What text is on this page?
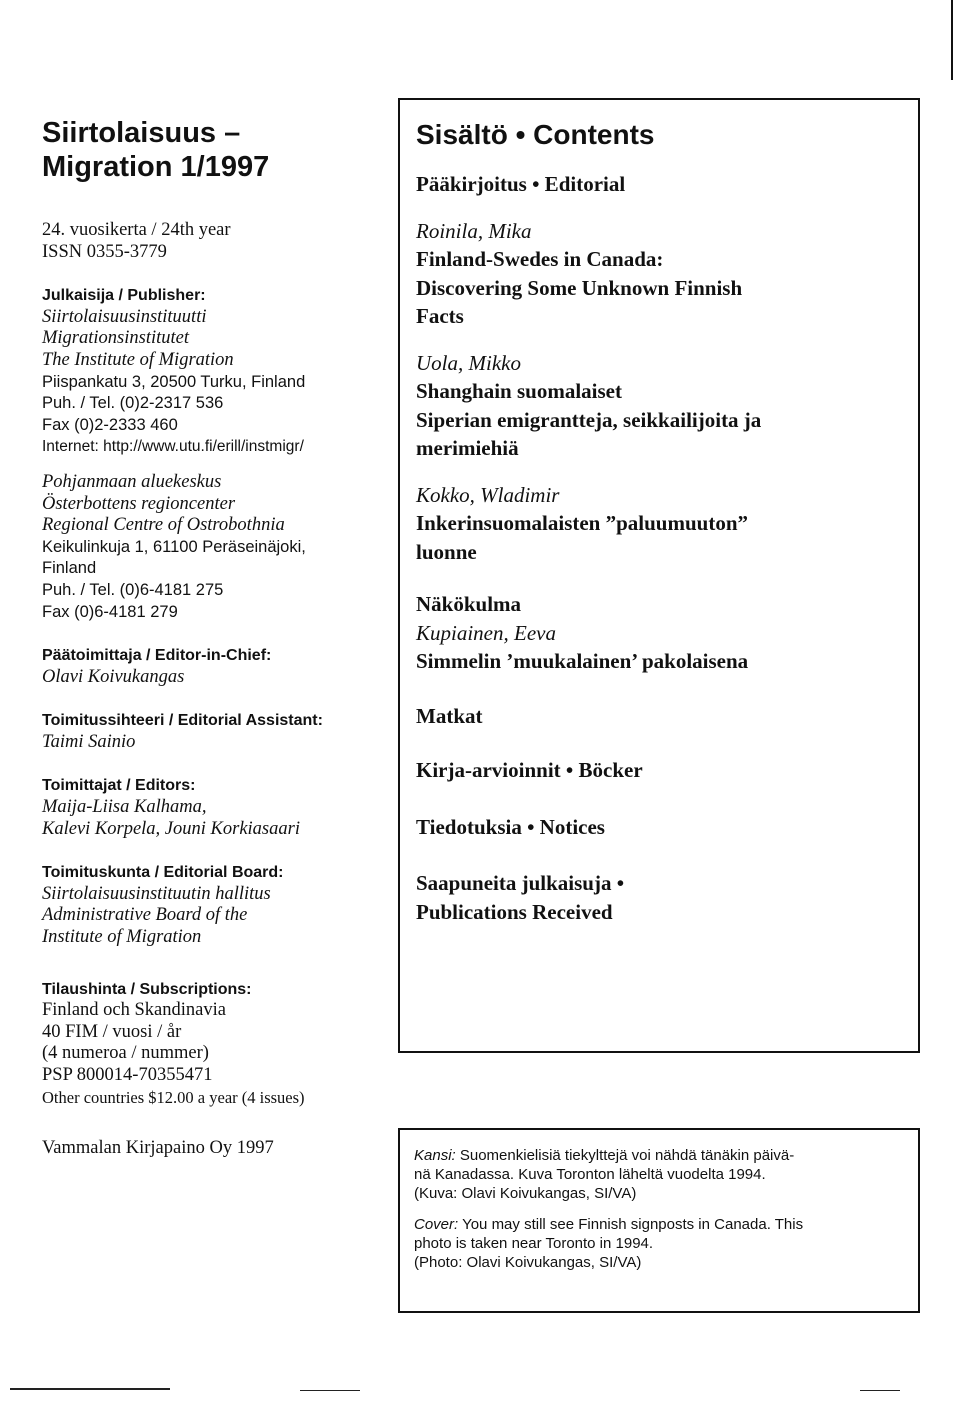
Siirtolaisuus –

Migration 1/1997

24. vuosikerta / 24th year

ISSN 0355-3779

Julkaisija / Publisher:

Siirtolaisuusinstituutti

Migrationsinstitutet

The Institute of Migration

Piispankatu 3, 20500 Turku, Finland

Puh. / Tel. (0)2-2317 536

Fax (0)2-2333 460

Internet: http://www.utu.fi/erill/instmigr/

Pohjanmaan aluekeskus

Österbottens regioncenter

Regional Centre of Ostrobothnia

Keikulinkuja 1, 61100 Peräseinäjoki,

Finland

Puh. / Tel. (0)6-4181 275

Fax (0)6-4181 279

Päätoimittaja / Editor-in-Chief:

Olavi Koivukangas

Toimitussihteeri / Editorial Assistant:

Taimi Sainio

Toimittajat / Editors:

Maija-Liisa Kalhama,

Kalevi Korpela, Jouni Korkiasaari

Toimituskunta / Editorial Board:

Siirtolaisuusinstituutin hallitus

Administrative Board of the

Institute of Migration

Tilaushinta / Subscriptions:

Finland och Skandinavia

40 FIM / vuosi / år

(4 numeroa / nummer)

PSP 800014-70355471

Other countries $12.00 a year (4 issues)

Vammalan Kirjapaino Oy 1997

Sisältö • Contents

Pääkirjoitus • Editorial

Roinila, Mika

Finland-Swedes in Canada:

Discovering Some Unknown Finnish

Facts

Uola, Mikko

Shanghain suomalaiset

Siperian emigrantteja, seikkailijoita ja

merimiehiä

Kokko, Wladimir

Inkerinsuomalaisten ”paluumuuton”

luonne

Näkökulma

Kupiainen, Eeva

Simmelin ’muukalainen’ pakolaisena

Matkat

Kirja-arvioinnit • Böcker

Tiedotuksia • Notices

Saapuneita julkaisuja •

Publications Received

Kansi: Suomenkielisiä tiekylttejä voi nähdä tänäkin päivä-

nä Kanadassa. Kuva Toronton läheltä vuodelta 1994.

(Kuva: Olavi Koivukangas, SI/VA)

Cover: You may still see Finnish signposts in Canada. This

photo is taken near Toronto in 1994.

(Photo: Olavi Koivukangas, SI/VA)
